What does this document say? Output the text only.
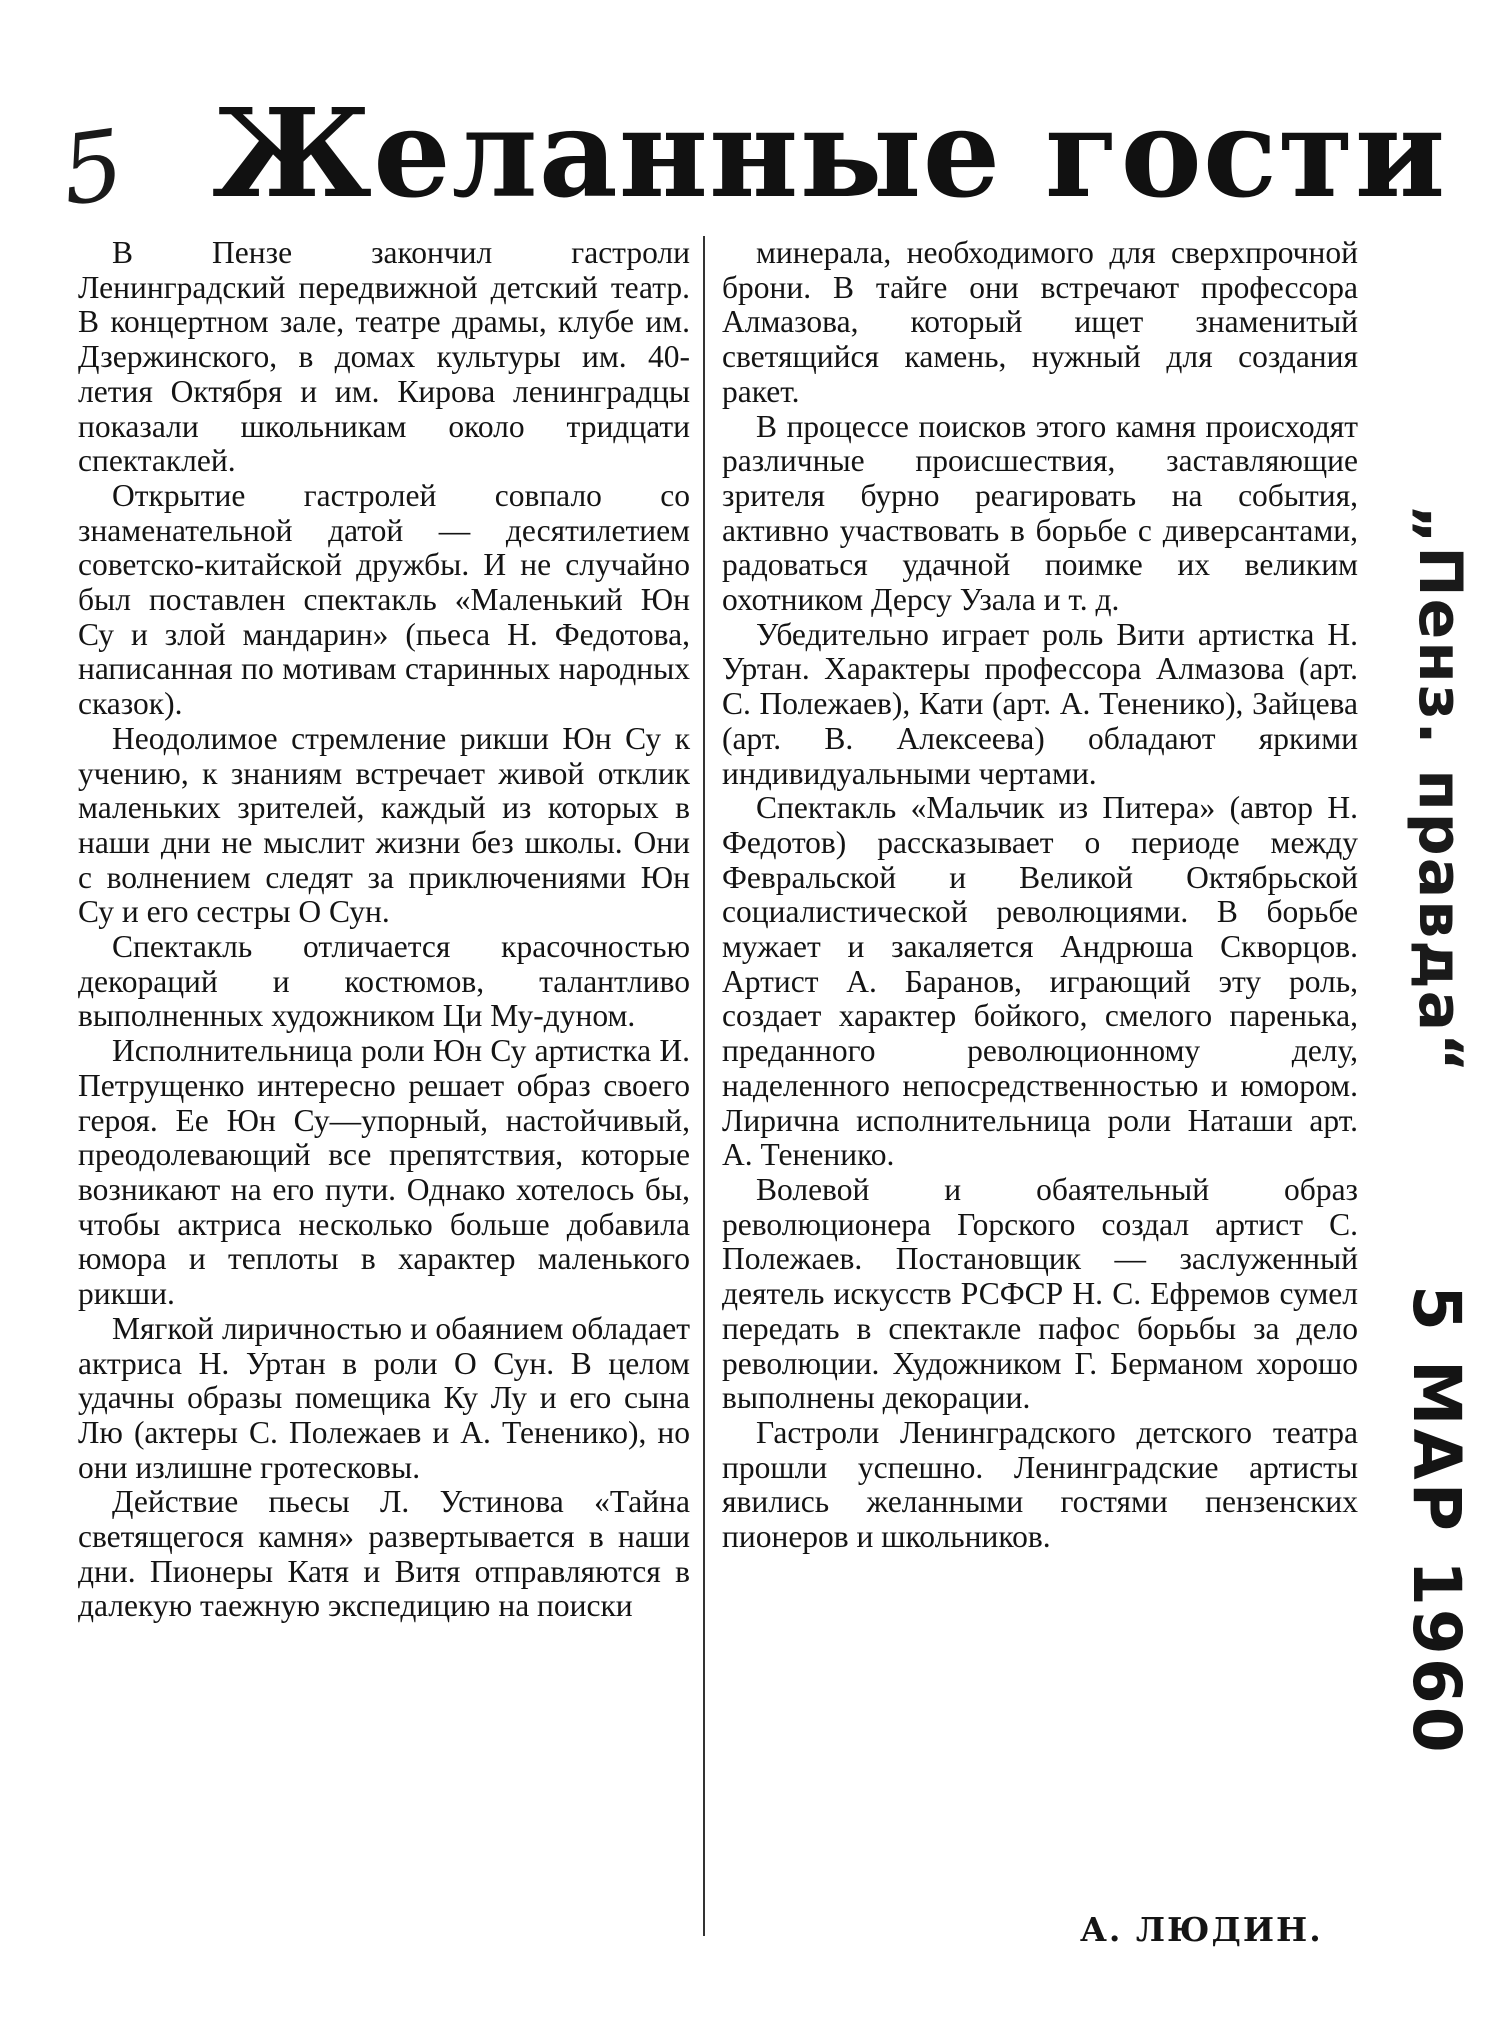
5 Желанные гости

В Пензе закончил гастроли Ленинградский передвижной детский театр. В концертном зале, театре драмы, клубе им. Дзержинского, в домах культуры им. 40-летия Октября и им. Кирова ленинградцы показали школьникам около тридцати спектаклей.

Открытие гастролей совпало со знаменательной датой — десятилетием советско-китайской дружбы. И не случайно был поставлен спектакль «Маленький Юн Су и злой мандарин» (пьеса Н. Федотова, написанная по мотивам старинных народных сказок).

Неодолимое стремление рикши Юн Су к учению, к знаниям встречает живой отклик маленьких зрителей, каждый из которых в наши дни не мыслит жизни без школы. Они с волнением следят за приключениями Юн Су и его сестры О Сун.

Спектакль отличается красочностью декораций и костюмов, талантливо выполненных художником Ци Му-дуном.

Исполнительница роли Юн Су артистка И. Петрущенко интересно решает образ своего героя. Ее Юн Су—упорный, настойчивый, преодолевающий все препятствия, которые возникают на его пути. Однако хотелось бы, чтобы актриса несколько больше добавила юмора и теплоты в характер маленького рикши.

Мягкой лиричностью и обаянием обладает актриса Н. Уртан в роли О Сун. В целом удачны образы помещика Ку Лу и его сына Лю (актеры С. Полежаев и А. Тененико), но они излишне гротесковы.

Действие пьесы Л. Устинова «Тайна светящегося камня» развертывается в наши дни. Пионеры Катя и Витя отправляются в далекую таежную экспедицию на поиски

минерала, необходимого для сверхпрочной брони. В тайге они встречают профессора Алмазова, который ищет знаменитый светящийся камень, нужный для создания ракет.

В процессе поисков этого камня происходят различные происшествия, заставляющие зрителя бурно реагировать на события, активно участвовать в борьбе с диверсантами, радоваться удачной поимке их великим охотником Дерсу Узала и т. д.

Убедительно играет роль Вити артистка Н. Уртан. Характеры профессора Алмазова (арт. С. Полежаев), Кати (арт. А. Тененико), Зайцева (арт. В. Алексеева) обладают яркими индивидуальными чертами.

Спектакль «Мальчик из Питера» (автор Н. Федотов) рассказывает о периоде между Февральской и Великой Октябрьской социалистической революциями. В борьбе мужает и закаляется Андрюша Скворцов. Артист А. Баранов, играющий эту роль, создает характер бойкого, смелого паренька, преданного революционному делу, наделенного непосредственностью и юмором. Лирична исполнительница роли Наташи арт. А. Тененико.

Волевой и обаятельный образ революционера Горского создал артист С. Полежаев. Постановщик — заслуженный деятель искусств РСФСР Н. С. Ефремов сумел передать в спектакле пафос борьбы за дело революции. Художником Г. Берманом хорошо выполнены декорации.

Гастроли Ленинградского детского театра прошли успешно. Ленинградские артисты явились желанными гостями пензенских пионеров и школьников.

А. ЛЮДИН.
„Пенз. правда“
5 МАР 1960
